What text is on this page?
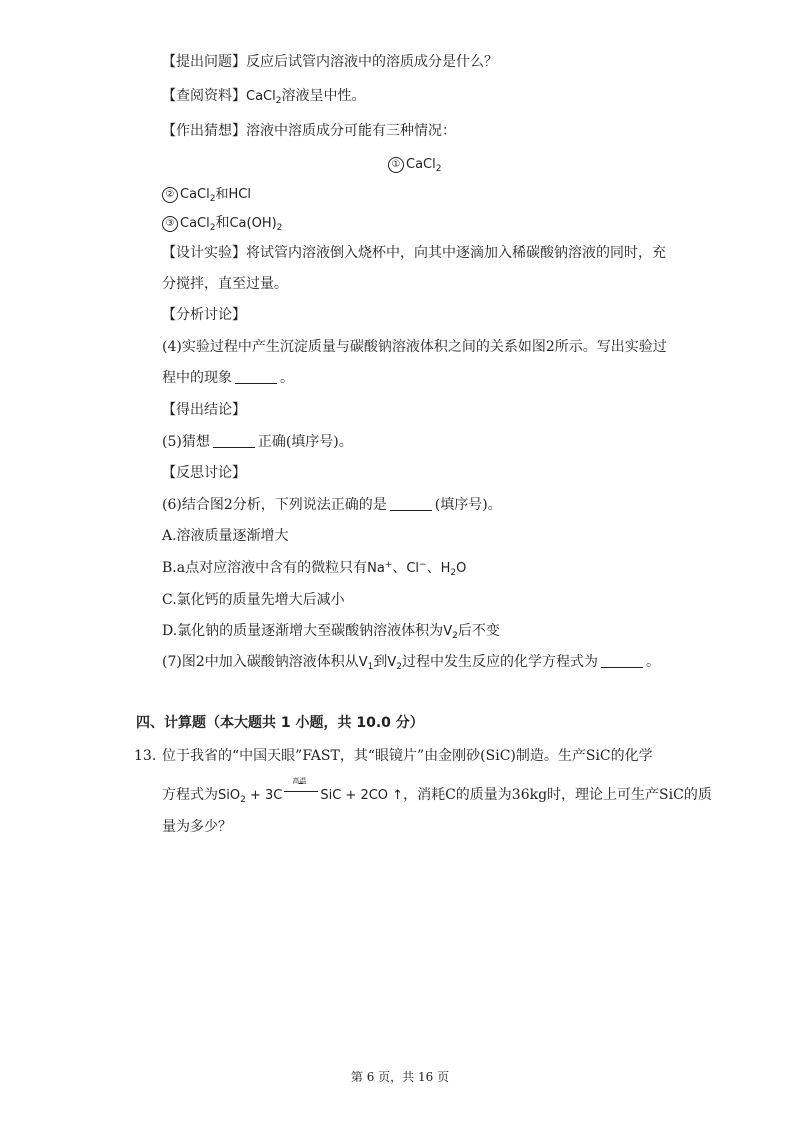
【提出问题】反应后试管内溶液中的溶质成分是什么？
【查阅资料】CaCl$_2$溶液呈中性。
【作出猜想】溶液中溶质成分可能有三种情况：
① CaCl$_2$
② CaCl$_2$和HCl
③ CaCl$_2$和$Ca(OH)_2$
【设计实验】将试管内溶液倒入烧杯中，向其中逐滴加入稀碳酸钠溶液的同时，充
分搅拌，直至过量。
【分析讨论】
(4)实验过程中产生沉淀质量与碳酸钠溶液体积之间的关系如图2所示。写出实验过
程中的现象	。
【得出结论】
(5)猜想	正确(填序号)。
【反思讨论】
(6)结合图2分析，下列说法正确的是	(填序号)。
A.溶液质量逐渐增大
B.a点对应溶液中含有的微粒只有Na+、Cl−、$H_2O$
C.氯化钙的质量先增大后减小
D.氯化钠的质量逐渐增大至碳酸钠溶液体积为$V_2$后不变
(7)图2中加入碳酸钠溶液体积从$V_1$到$V_2$过程中发生反应的化学方程式为	。
四、计算题（本大题共 1 小题，共 10.0 分）
13. 位于我省的“中国天眼”FAST，其“眼镜片”由金刚砂(SiC)制造。生产SiC的化学
方程式为SiO$_2$ + 3C
高温
SiC + 2CO ↑，消耗C的质量为36kg时，理论上可生产SiC的质
量为多少？
第 6 页，共 16 页
